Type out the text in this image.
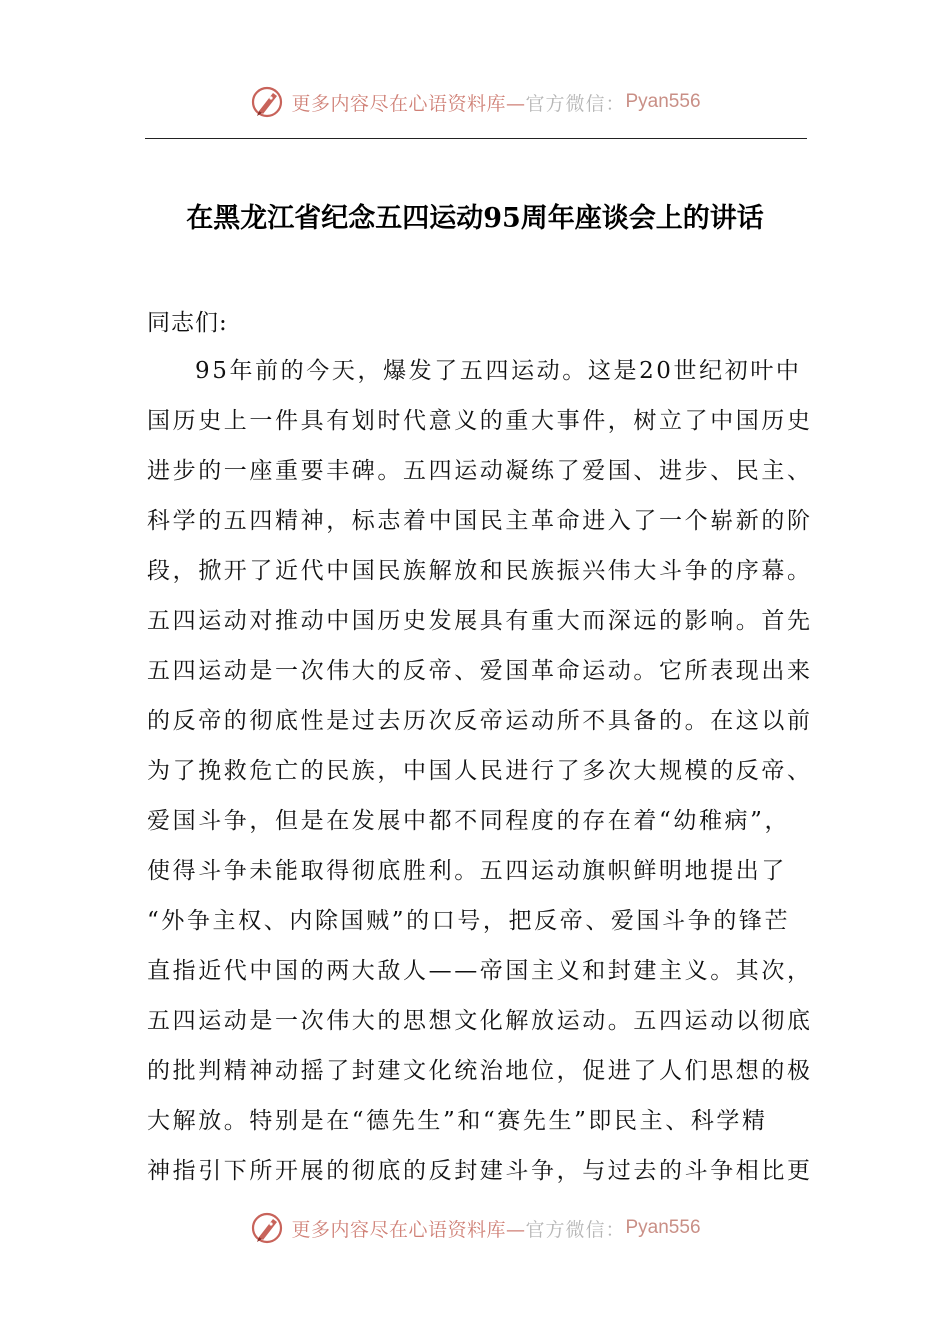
更多内容尽在心语资料库— 官方微信： Pyan556
在黑龙江省纪念五四运动95周年座谈会上的讲话

同志们:

95年前的今天，爆发了五四运动。这是20世纪初叶中
国历史上一件具有划时代意义的重大事件，树立了中国历史
进步的一座重要丰碑。五四运动凝练了爱国、进步、民主、
科学的五四精神，标志着中国民主革命进入了一个崭新的阶
段，掀开了近代中国民族解放和民族振兴伟大斗争的序幕。
五四运动对推动中国历史发展具有重大而深远的影响。首先
五四运动是一次伟大的反帝、爱国革命运动。它所表现出来
的反帝的彻底性是过去历次反帝运动所不具备的。在这以前
为了挽救危亡的民族，中国人民进行了多次大规模的反帝、
爱国斗争，但是在发展中都不同程度的存在着“幼稚病”，
使得斗争未能取得彻底胜利。五四运动旗帜鲜明地提出了
“外争主权、内除国贼”的口号，把反帝、爱国斗争的锋芒
直指近代中国的两大敌人——帝国主义和封建主义。其次，
五四运动是一次伟大的思想文化解放运动。五四运动以彻底
的批判精神动摇了封建文化统治地位，促进了人们思想的极
大解放。特别是在“德先生”和“赛先生”即民主、科学精
神指引下所开展的彻底的反封建斗争，与过去的斗争相比更
更多内容尽在心语资料库— 官方微信： Pyan556
